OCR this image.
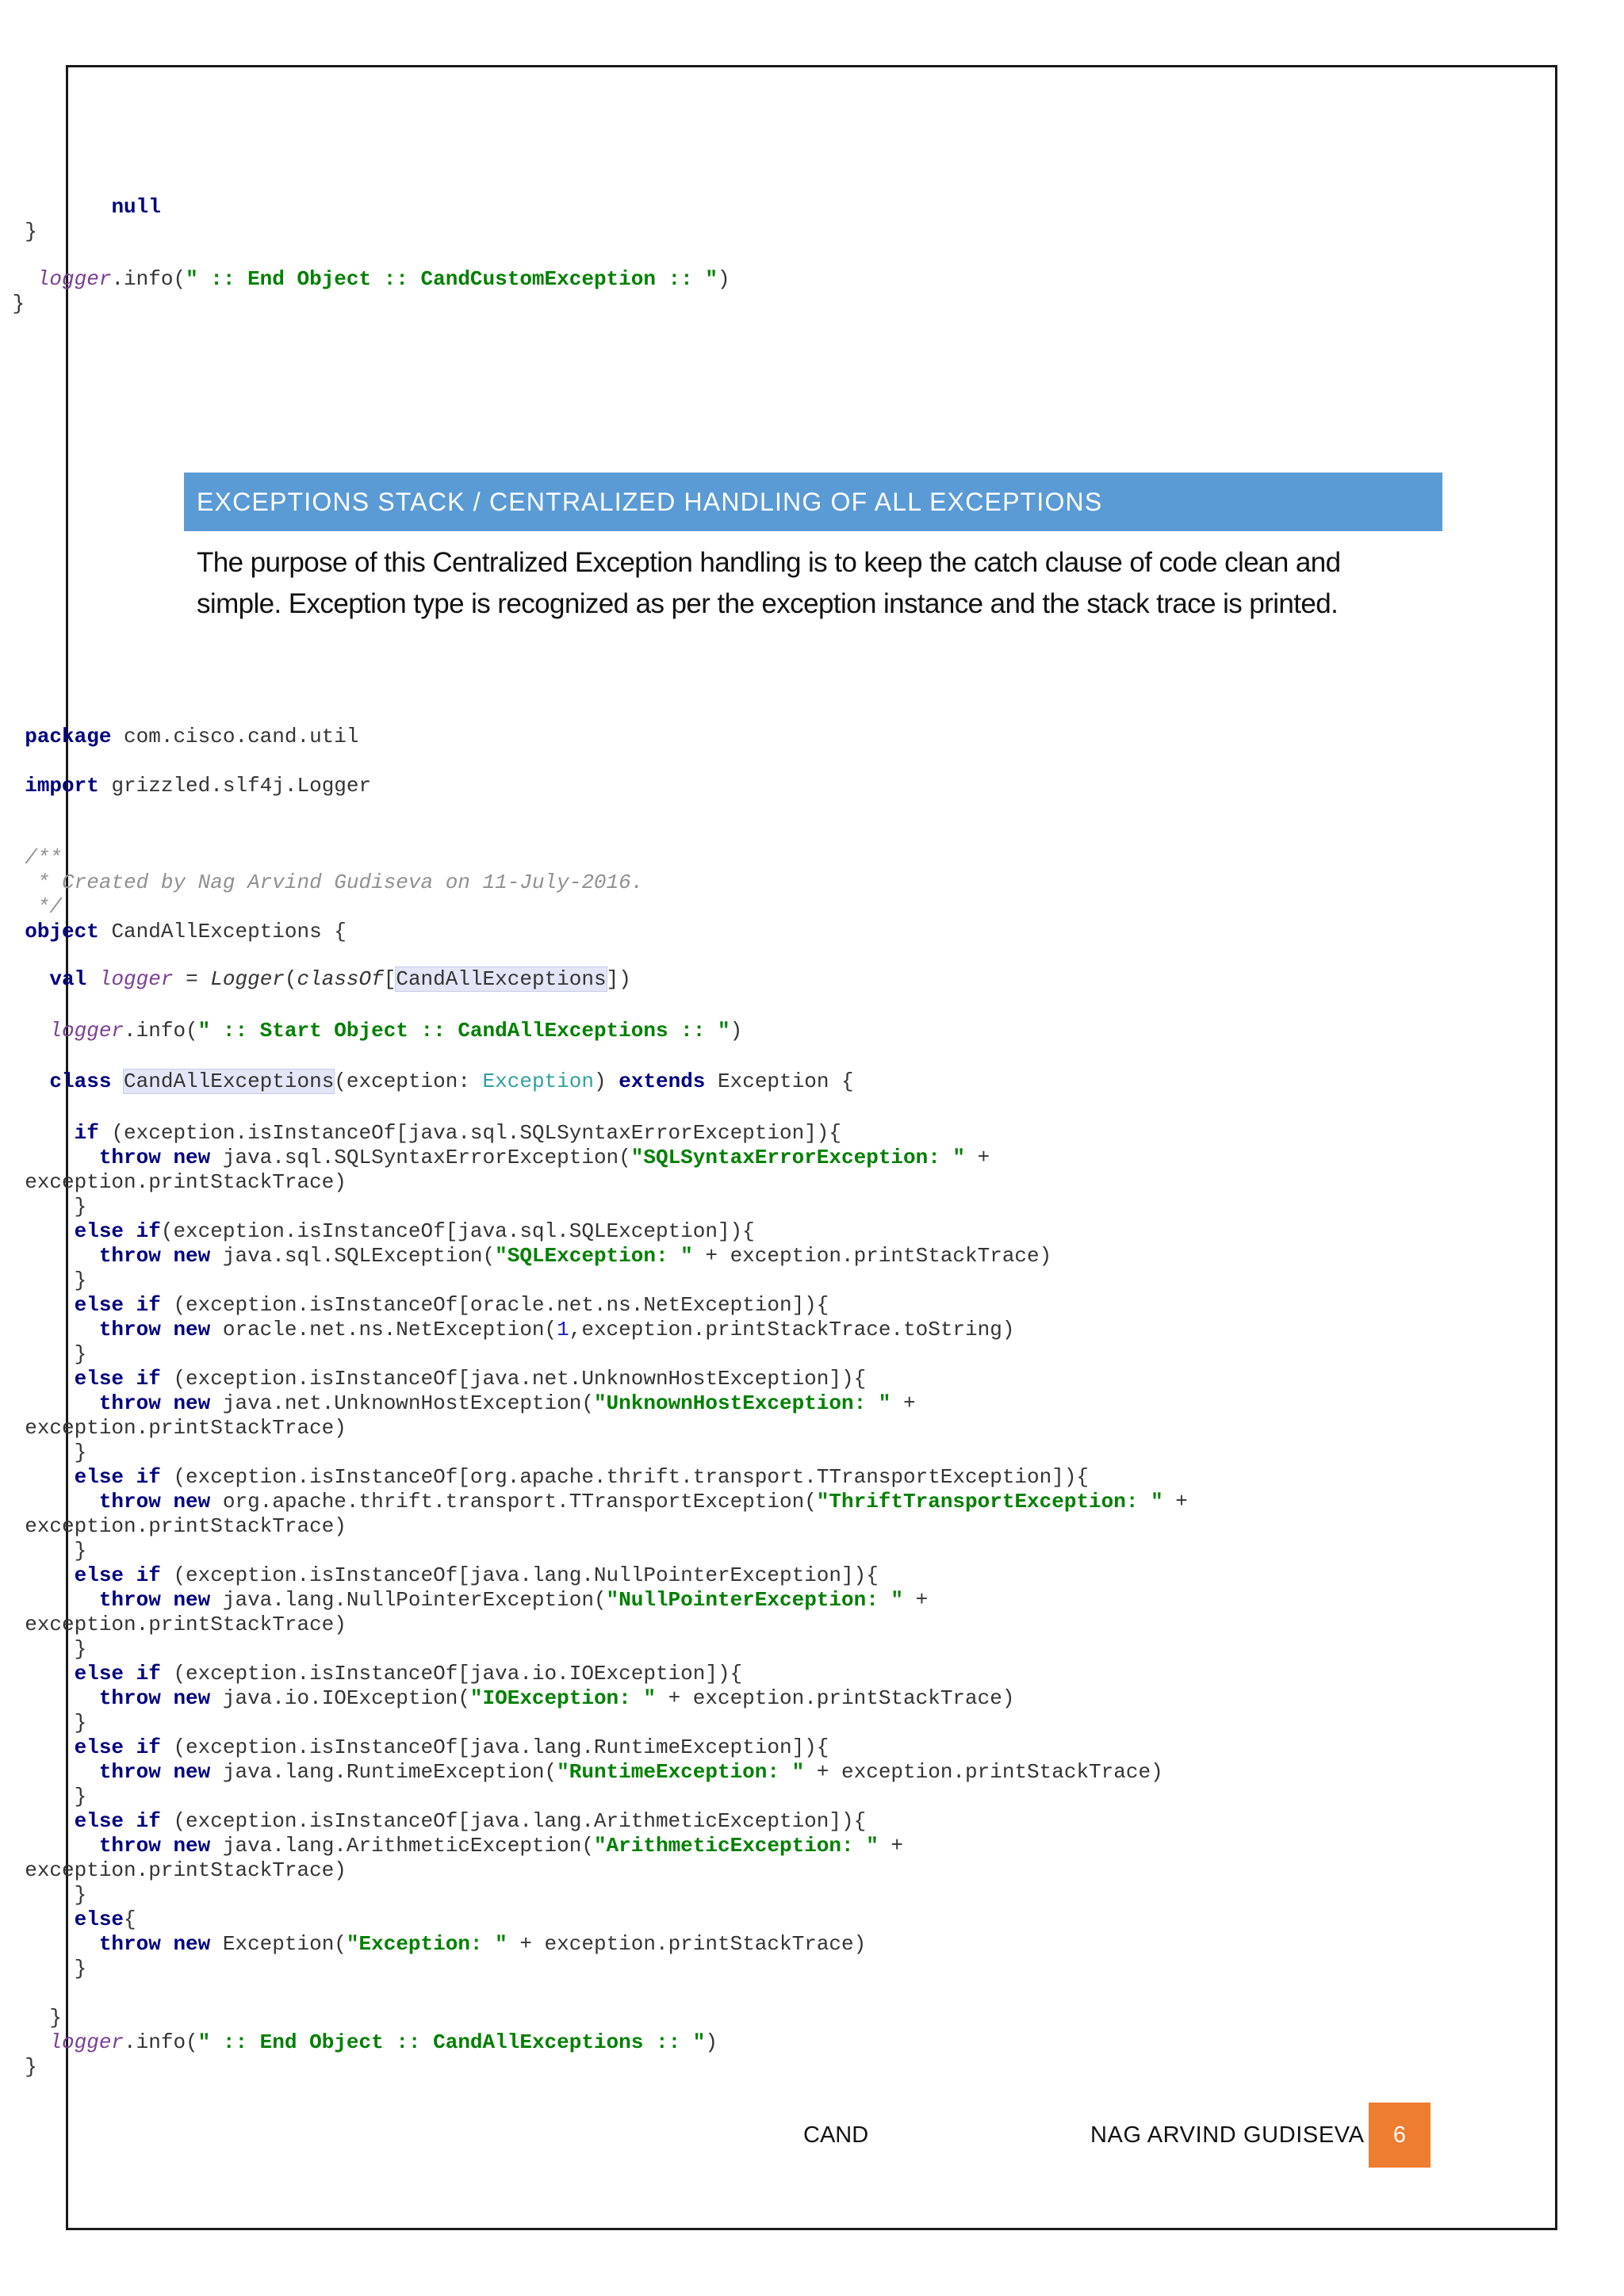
null
}
logger.info(" :: End Object :: CandCustomException :: ")
}
EXCEPTIONS STACK / CENTRALIZED HANDLING OF ALL EXCEPTIONS
The purpose of this Centralized Exception handling is to keep the catch clause of code clean and
simple. Exception type is recognized as per the exception instance and the stack trace is printed.
package com.cisco.cand.util
import grizzled.slf4j.Logger
/**
* Created by Nag Arvind Gudiseva on 11-July-2016.
*/
object CandAllExceptions {
val logger = Logger(classOf[CandAllExceptions])
logger.info(" :: Start Object :: CandAllExceptions :: ")
class CandAllExceptions(exception: Exception) extends Exception {
if (exception.isInstanceOf[java.sql.SQLSyntaxErrorException]){
throw new java.sql.SQLSyntaxErrorException("SQLSyntaxErrorException: " +
exception.printStackTrace)
}
else if(exception.isInstanceOf[java.sql.SQLException]){
throw new java.sql.SQLException("SQLException: " + exception.printStackTrace)
}
else if (exception.isInstanceOf[oracle.net.ns.NetException]){
throw new oracle.net.ns.NetException(1,exception.printStackTrace.toString)
}
else if (exception.isInstanceOf[java.net.UnknownHostException]){
throw new java.net.UnknownHostException("UnknownHostException: " +
exception.printStackTrace)
}
else if (exception.isInstanceOf[org.apache.thrift.transport.TTransportException]){
throw new org.apache.thrift.transport.TTransportException("ThriftTransportException: " +
exception.printStackTrace)
}
else if (exception.isInstanceOf[java.lang.NullPointerException]){
throw new java.lang.NullPointerException("NullPointerException: " +
exception.printStackTrace)
}
else if (exception.isInstanceOf[java.io.IOException]){
throw new java.io.IOException("IOException: " + exception.printStackTrace)
}
else if (exception.isInstanceOf[java.lang.RuntimeException]){
throw new java.lang.RuntimeException("RuntimeException: " + exception.printStackTrace)
}
else if (exception.isInstanceOf[java.lang.ArithmeticException]){
throw new java.lang.ArithmeticException("ArithmeticException: " +
exception.printStackTrace)
}
else{
throw new Exception("Exception: " + exception.printStackTrace)
}
}
logger.info(" :: End Object :: CandAllExceptions :: ")
}
CAND	NAG ARVIND GUDISEVA 6
